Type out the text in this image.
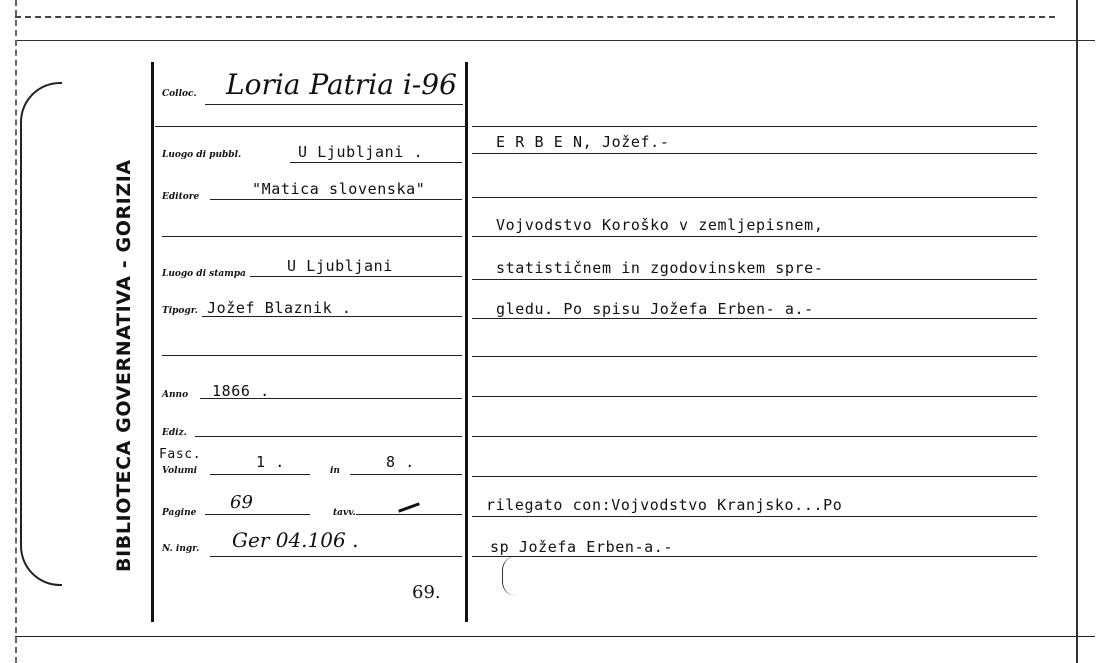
BIBLIOTECA GOVERNATIVA - GORIZIA
Colloc. Loria Patria i-96
Luogo di pubbl.	U Ljubljani .
Editore	"Matica slovenska"
Luogo di stampa	U Ljubljani
Tipogr. Jožef Blaznik .
Anno 1866 .
Ediz.
Fasc.
Volumi	1 .	in	8 .
Pagine 69	tavv.
N. ingr. Ger 04.106 .
69.
E R B E N, Jožef.-
Vojvodstvo Koroško v zemljepisnem,
statističnem in zgodovinskem spre-
gledu. Po spisu Jožefa Erben- a.-
rilegato con:Vojvodstvo Kranjsko...Po
sp Jožefa Erben-a.-
